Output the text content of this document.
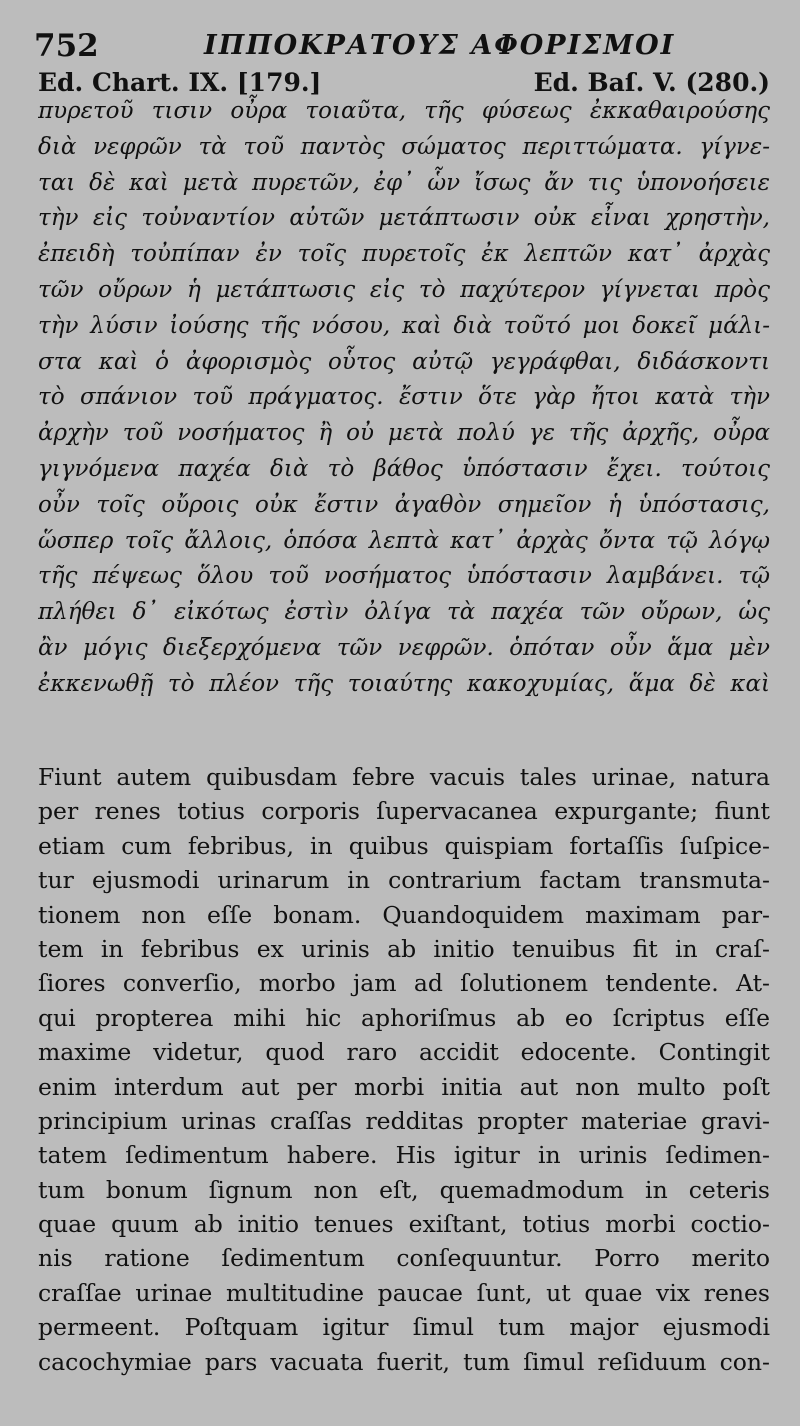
752	ΙΠΠΟΚΡΑΤΟΥΣ ΑΦΟΡΙΣΜΟΙ
Ed. Chart. IX. [179.]	Ed. Baſ. V. (280.)
πυρετοῦ τισιν οὖρα τοιαῦτα, τῆς φύσεως ἐκκαθαιρούσης
διὰ νεφρῶν τὰ τοῦ παντὸς σώματος περιττώματα. γίγνε-
ται δὲ καὶ μετὰ πυρετῶν, ἐφ᾽ ὧν ἴσως ἄν τις ὑπονοήσειε
τὴν εἰς τοὐναντίον αὐτῶν μετάπτωσιν οὐκ εἶναι χρηστὴν,
ἐπειδὴ τοὐπίπαν ἐν τοῖς πυρετοῖς ἐκ λεπτῶν κατ᾽ ἀρχὰς
τῶν οὔρων ἡ μετάπτωσις εἰς τὸ παχύτερον γίγνεται πρὸς
τὴν λύσιν ἰούσης τῆς νόσου, καὶ διὰ τοῦτό μοι δοκεῖ μάλι-
στα καὶ ὁ ἀφορισμὸς οὗτος αὐτῷ γεγράφθαι, διδάσκοντι
τὸ σπάνιον τοῦ πράγματος. ἔστιν ὅτε γὰρ ἤτοι κατὰ τὴν
ἀρχὴν τοῦ νοσήματος ἢ οὐ μετὰ πολύ γε τῆς ἀρχῆς, οὖρα
γιγνόμενα παχέα διὰ τὸ βάθος ὑπόστασιν ἔχει. τούτοις
οὖν τοῖς οὔροις οὐκ ἔστιν ἀγαθὸν σημεῖον ἡ ὑπόστασις,
ὥσπερ τοῖς ἄλλοις, ὁπόσα λεπτὰ κατ᾽ ἀρχὰς ὄντα τῷ λόγῳ
τῆς πέψεως ὅλου τοῦ νοσήματος ὑπόστασιν λαμβάνει. τῷ
πλήθει δ᾽ εἰκότως ἐστὶν ὀλίγα τὰ παχέα τῶν οὔρων, ὡς
ἂν μόγις διεξερχόμενα τῶν νεφρῶν. ὁπόταν οὖν ἅμα μὲν
ἐκκενωθῇ τὸ πλέον τῆς τοιαύτης κακοχυμίας, ἅμα δὲ καὶ
Fiunt autem quibusdam febre vacuis tales urinae, natura
per renes totius corporis ſupervacanea expurgante; fiunt
etiam cum febribus, in quibus quispiam fortaſſis ſuſpice-
tur ejusmodi urinarum in contrarium factam transmuta-
tionem non eſſe bonam. Quandoquidem maximam par-
tem in febribus ex urinis ab initio tenuibus fit in craſ-
ſiores converſio, morbo jam ad ſolutionem tendente. At-
qui propterea mihi hic aphoriſmus ab eo ſcriptus eſſe
maxime videtur, quod raro accidit edocente. Contingit
enim interdum aut per morbi initia aut non multo poſt
principium urinas craſſas redditas propter materiae gravi-
tatem ſedimentum habere. His igitur in urinis ſedimen-
tum bonum ſignum non eſt, quemadmodum in ceteris
quae quum ab initio tenues exiſtant, totius morbi coctio-
nis ratione ſedimentum conſequuntur. Porro merito
craſſae urinae multitudine paucae ſunt, ut quae vix renes
permeent. Poſtquam igitur ſimul tum major ejusmodi
cacochymiae pars vacuata fuerit, tum ſimul reſiduum con-
